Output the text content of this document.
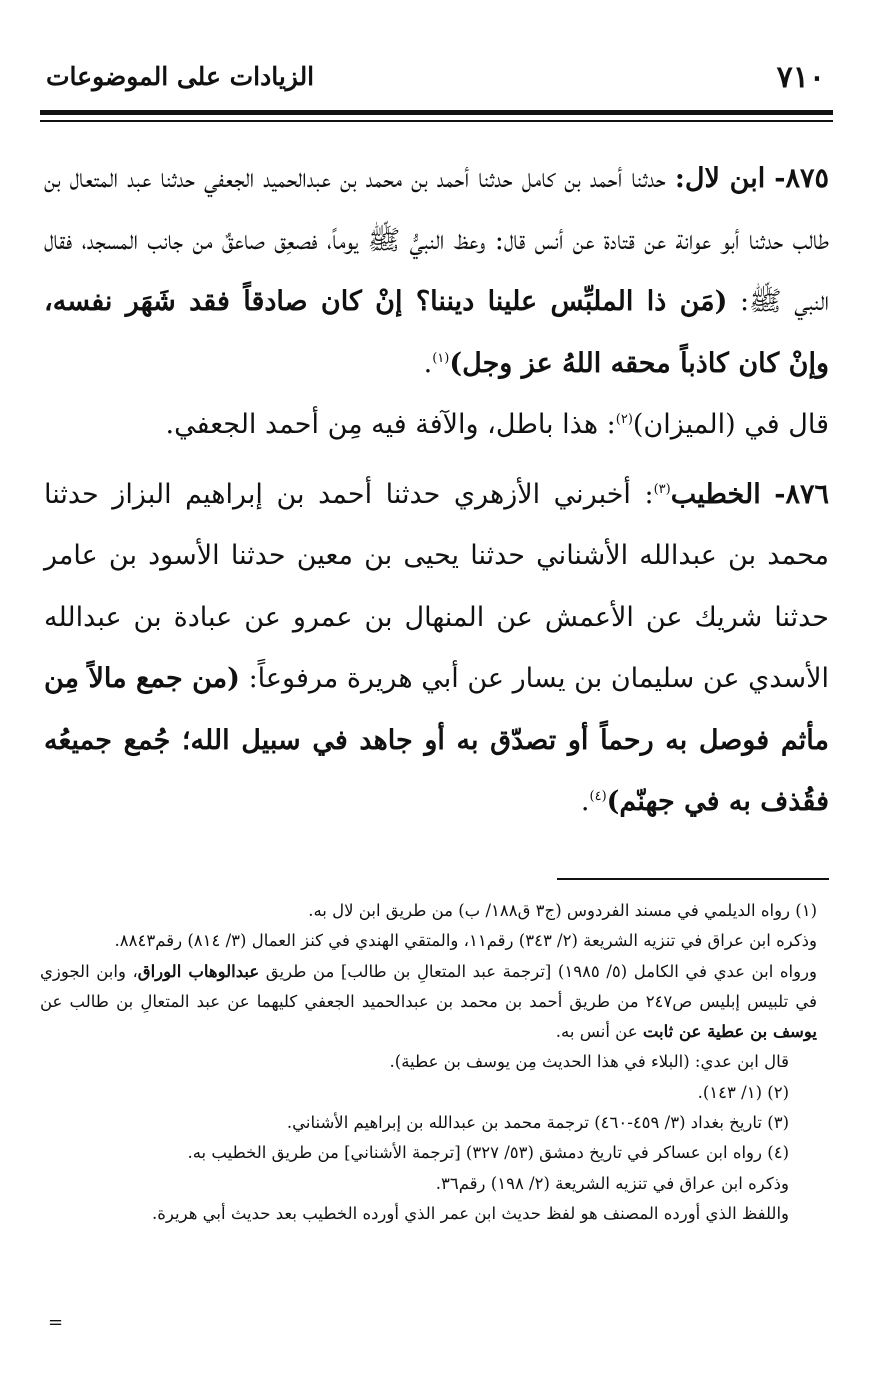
٧١٠
الزيادات على الموضوعات

٨٧٥- ابن لال: حدثنا أحمد بن كامل حدثنا أحمد بن محمد بن عبدالحميد الجعفي حدثنا عبد المتعال بن طالب حدثنا أبو عوانة عن قتادة عن أنس قال: وعظ النبيُّ ﷺ يوماً، فصعِق صاعقٌ من جانب المسجد، فقال النبي ﷺ: (مَن ذا الملبِّس علينا ديننا؟ إنْ كان صادقاً فقد شَهَر نفسه، وإنْ كان كاذباً محقه اللهُ عز وجل)$^{(١)}$.

قال في (الميزان)$^{(٢)}$: هذا باطل، والآفة فيه مِن أحمد الجعفي.

٨٧٦- الخطيب$^{(٣)}$: أخبرني الأزهري حدثنا أحمد بن إبراهيم البزاز حدثنا محمد بن عبدالله الأشناني حدثنا يحيى بن معين حدثنا الأسود بن عامر حدثنا شريك عن الأعمش عن المنهال بن عمرو عن عبادة بن عبدالله الأسدي عن سليمان بن يسار عن أبي هريرة مرفوعاً: (من جمع مالاً مِن مأثم فوصل به رحماً أو تصدّق به أو جاهد في سبيل الله؛ جُمع جميعُه فقُذف به في جهنّم)$^{(٤)}$.

(١) رواه الديلمي في مسند الفردوس (ج٣ ق١٨٨/ ب) من طريق ابن لال به.

وذكره ابن عراق في تنزيه الشريعة (٢/ ٣٤٣) رقم١١، والمتقي الهندي في كنز العمال (٣/ ٨١٤) رقم٨٨٤٣.

ورواه ابن عدي في الكامل (٥/ ١٩٨٥) [ترجمة عبد المتعالِ بن طالب] من طريق عبدالوهاب الوراق، وابن الجوزي في تلبيس إبليس ص٢٤٧ من طريق أحمد بن محمد بن عبدالحميد الجعفي كليهما عن عبد المتعالِ بن طالب عن يوسف بن عطية عن ثابت عن أنس به.

قال ابن عدي: (البلاء في هذا الحديث مِن يوسف بن عطية).

(٢) (١/ ١٤٣).

(٣) تاريخ بغداد (٣/ ٤٥٩-٤٦٠) ترجمة محمد بن عبدالله بن إبراهيم الأشناني.

(٤) رواه ابن عساكر في تاريخ دمشق (٥٣/ ٣٢٧) [ترجمة الأشناني] من طريق الخطيب به.

وذكره ابن عراق في تنزيه الشريعة (٢/ ١٩٨) رقم٣٦.

واللفظ الذي أورده المصنف هو لفظ حديث ابن عمر الذي أورده الخطيب بعد حديث أبي هريرة.

=
